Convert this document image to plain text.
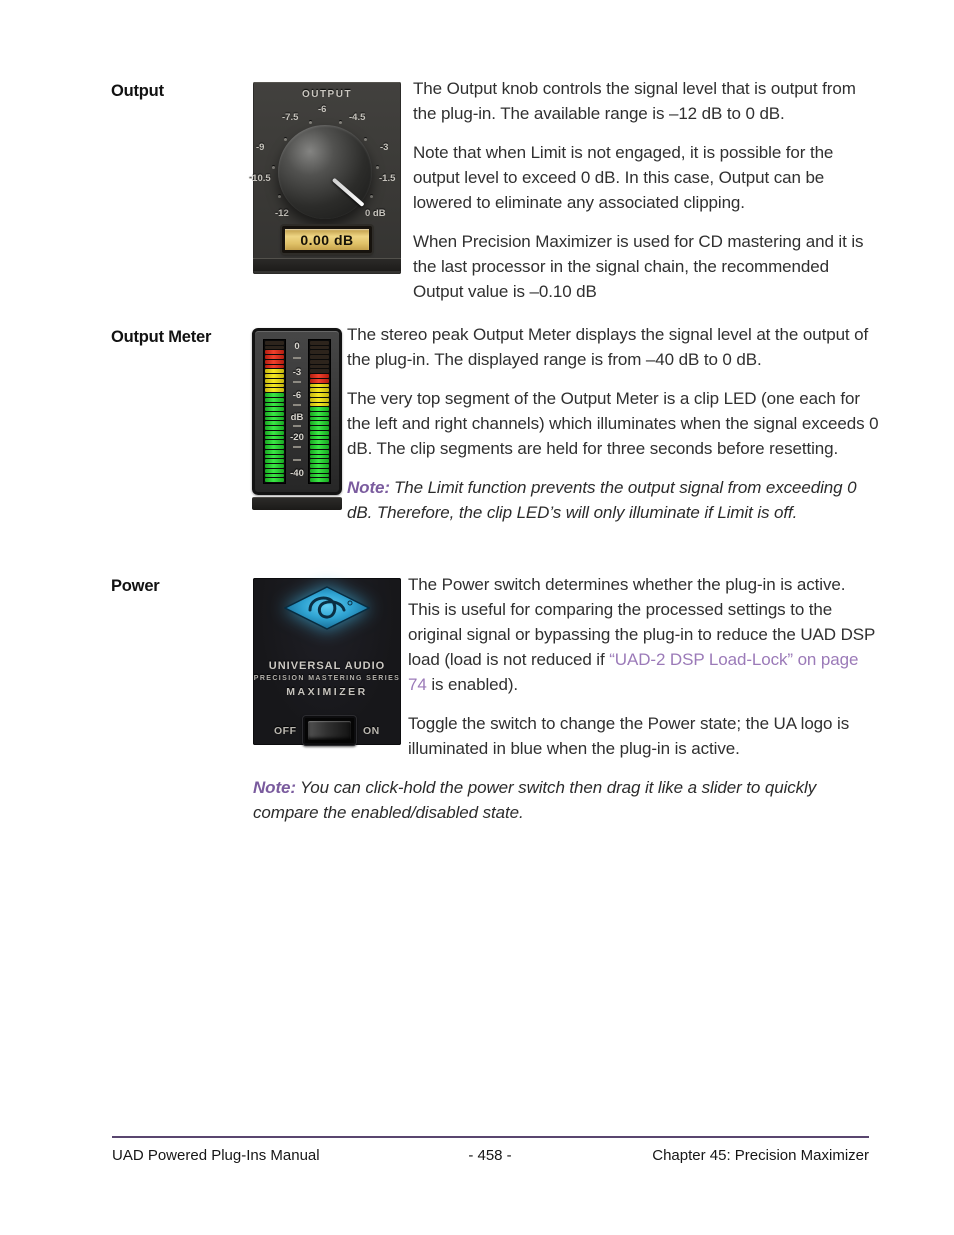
Output	OUTPUT
-12
-10.5
-9
-7.5
-6
-4.5
-3
-1.5
0 dB
0.00 dB

The Output knob controls the signal level that is output from the plug-in. The available range is –12 dB to 0 dB.

Note that when Limit is not engaged, it is possible for the output level to exceed 0 dB. In this case, Output can be lowered to eliminate any associated clipping.

When Precision Maximizer is used for CD mastering and it is the last processor in the signal chain, the recommended Output value is –0.10 dB

Output Meter
0
-3
-6
dB
-20
-40

The stereo peak Output Meter displays the signal level at the output of the plug-in. The displayed range is from –40 dB to 0 dB.

The very top segment of the Output Meter is a clip LED (one each for the left and right channels) which illuminates when the signal exceeds 0 dB. The clip segments are held for three seconds before resetting.

Note: The Limit function prevents the output signal from exceeding 0 dB. Therefore, the clip LED’s will only illuminate if Limit is off.

Power
UNIVERSAL AUDIO
PRECISION MASTERING SERIES
MAXIMIZER
OFF	ON

The Power switch determines whether the plug-in is active. This is useful for comparing the processed settings to the original signal or bypassing the plug-in to reduce the UAD DSP load (load is not reduced if “UAD-2 DSP Load-Lock” on page 74 is enabled).

Toggle the switch to change the Power state; the UA logo is illuminated in blue when the plug-in is active.

Note: You can click-hold the power switch then drag it like a slider to quickly compare the enabled/disabled state.

UAD Powered Plug-Ins Manual	- 458 -	Chapter 45: Precision Maximizer
